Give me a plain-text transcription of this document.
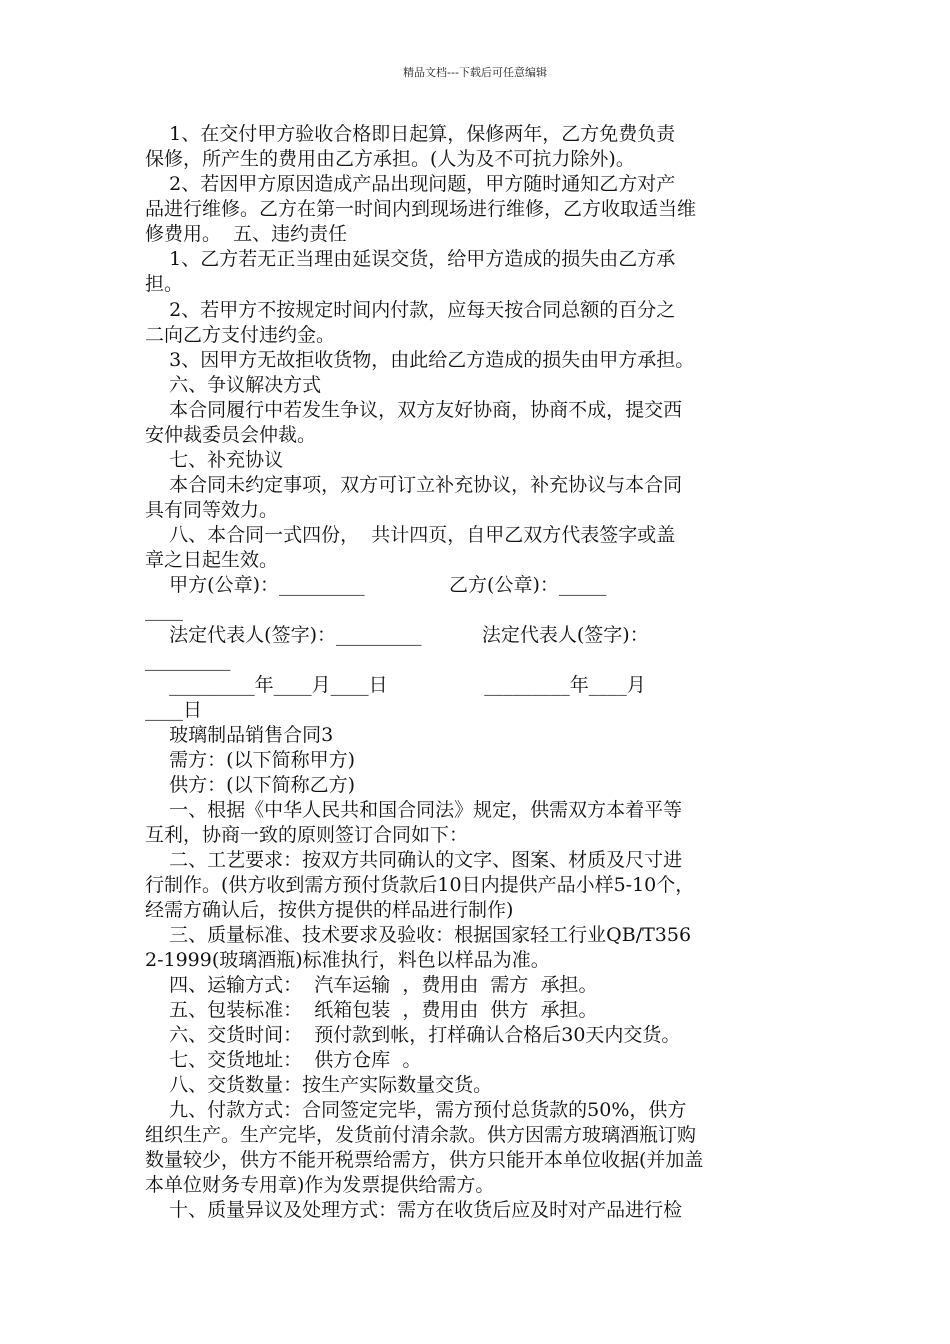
精品文档---下载后可任意编辑
1、在交付甲方验收合格即日起算，保修两年，乙方免费负责
保修，所产生的费用由乙方承担。(人为及不可抗力除外)。
2、若因甲方原因造成产品出现问题，甲方随时通知乙方对产
品进行维修。乙方在第一时间内到现场进行维修，乙方收取适当维
修费用。  五、违约责任
1、乙方若无正当理由延误交货，给甲方造成的损失由乙方承
担。
2、若甲方不按规定时间内付款，应每天按合同总额的百分之
二向乙方支付违约金。
3、因甲方无故拒收货物，由此给乙方造成的损失由甲方承担。
六、争议解决方式
本合同履行中若发生争议，双方友好协商，协商不成，提交西
安仲裁委员会仲裁。
七、补充协议
本合同未约定事项，双方可订立补充协议，补充协议与本合同
具有同等效力。
八、本合同一式四份，  共计四页，自甲乙双方代表签字或盖
章之日起生效。
甲方(公章)：_________              乙方(公章)：_____
____
法定代表人(签字)：_________          法定代表人(签字)：
_________
_________年____月____日                _________年____月
____日
玻璃制品销售合同3
需方：(以下简称甲方)
供方：(以下简称乙方)
一、根据《中华人民共和国合同法》规定，供需双方本着平等
互利，协商一致的原则签订合同如下：
二、工艺要求：按双方共同确认的文字、图案、材质及尺寸进
行制作。(供方收到需方预付货款后10日内提供产品小样5-10个，
经需方确认后，按供方提供的样品进行制作)
三、质量标准、技术要求及验收：根据国家轻工行业QB/T356
2-1999(玻璃酒瓶)标准执行，料色以样品为准。
四、运输方式：  汽车运输  ，费用由  需方  承担。
五、包装标准：  纸箱包装  ，费用由  供方  承担。
六、交货时间：  预付款到帐，打样确认合格后30天内交货。
七、交货地址：  供方仓库  。
八、交货数量：按生产实际数量交货。
九、付款方式：合同签定完毕，需方预付总货款的50%，供方
组织生产。生产完毕，发货前付清余款。供方因需方玻璃酒瓶订购
数量较少，供方不能开税票给需方，供方只能开本单位收据(并加盖
本单位财务专用章)作为发票提供给需方。
十、质量异议及处理方式：需方在收货后应及时对产品进行检
